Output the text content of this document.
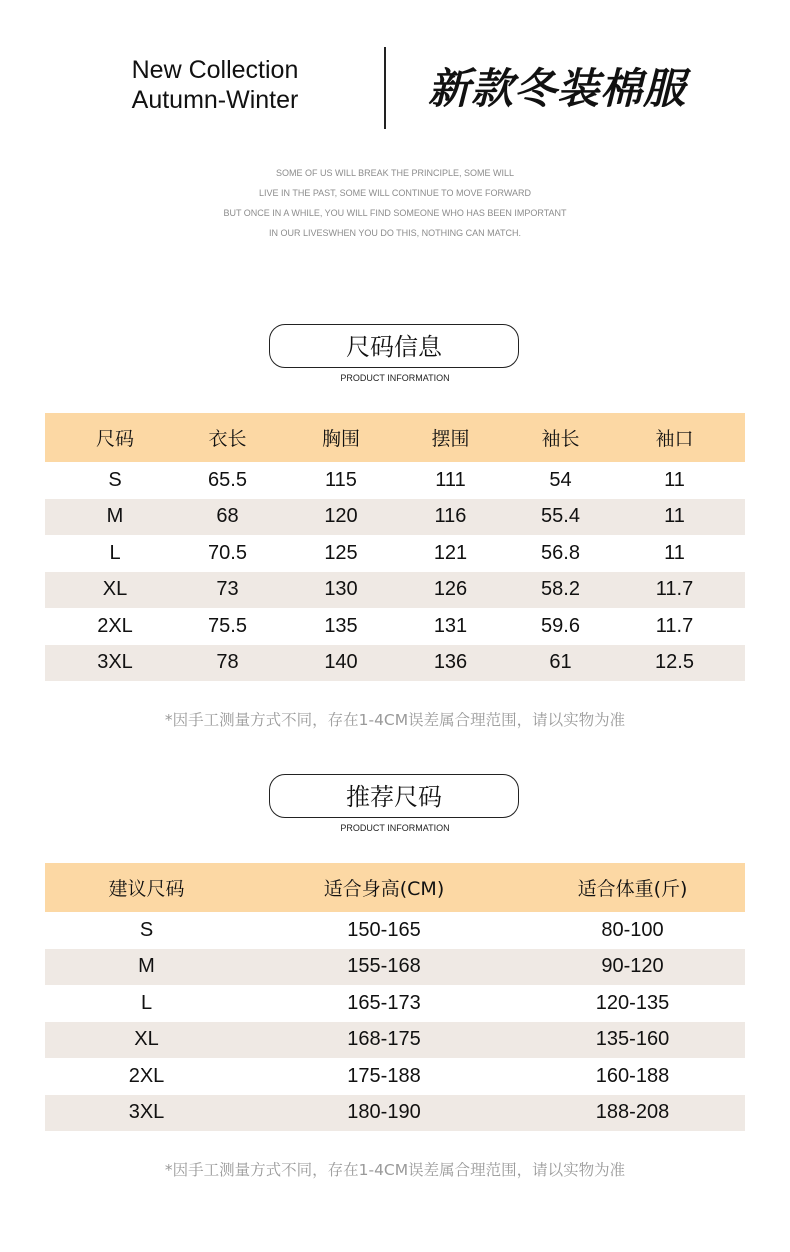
New Collection
Autumn-Winter	新款冬装棉服
SOME OF US WILL BREAK THE PRINCIPLE, SOME WILL
LIVE IN THE PAST, SOME WILL CONTINUE TO MOVE FORWARD
BUT ONCE IN A WHILE, YOU WILL FIND SOMEONE WHO HAS BEEN IMPORTANT
IN OUR LIVESWHEN YOU DO THIS, NOTHING CAN MATCH.
尺码信息
PRODUCT INFORMATION
尺码	衣长	胸围	摆围	袖长	袖口
S	65.5	115	111	54	11
M	68	120	116	55.4	11
L	70.5	125	121	56.8	11
XL	73	130	126	58.2	11.7
2XL	75.5	135	131	59.6	11.7
3XL	78	140	136	61	12.5
*因手工测量方式不同，存在1-4CM误差属合理范围，请以实物为准
推荐尺码
PRODUCT INFORMATION
建议尺码	适合身高(CM)	适合体重(斤)
S	150-165	80-100
M	155-168	90-120
L	165-173	120-135
XL	168-175	135-160
2XL	175-188	160-188
3XL	180-190	188-208
*因手工测量方式不同，存在1-4CM误差属合理范围，请以实物为准
